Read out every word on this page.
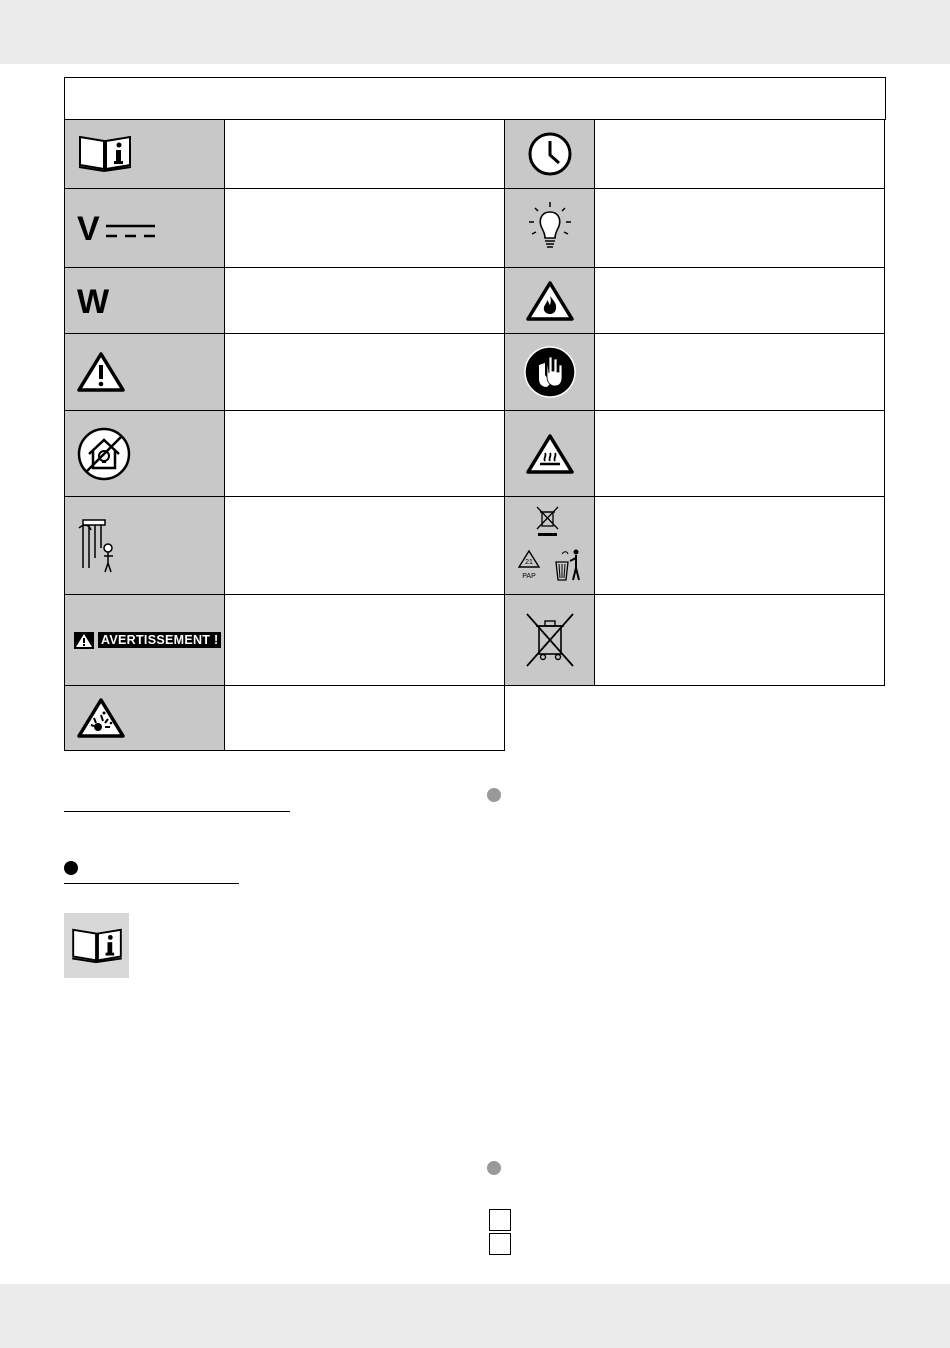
V
W
AVERTISSEMENT !
21
PAP
